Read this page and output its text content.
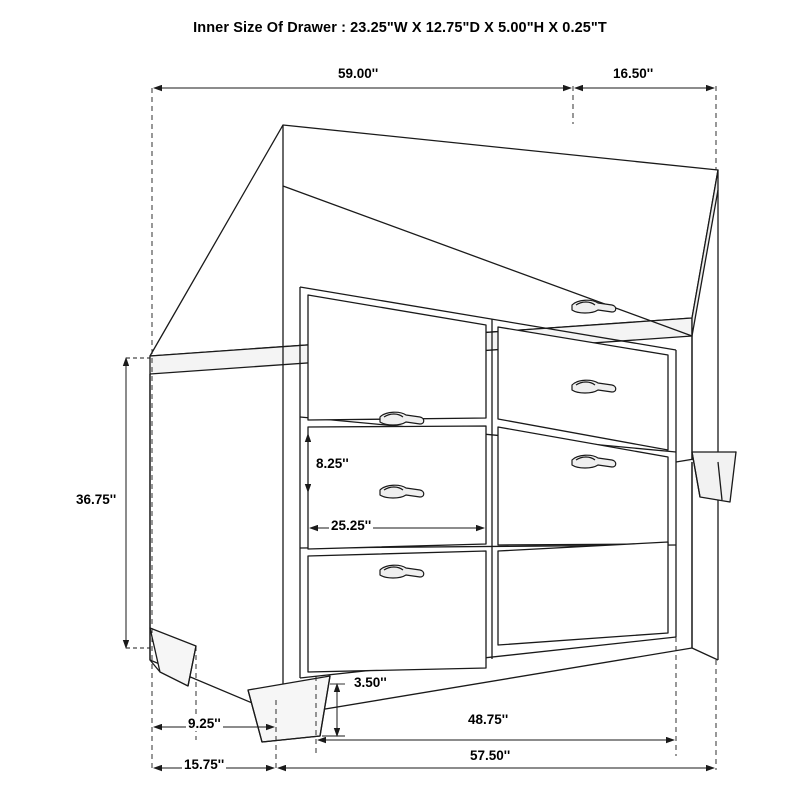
Inner Size Of Drawer : 23.25"W X 12.75"D X 5.00"H X 0.25"T
59.00''	16.50''
36.75''
8.25''
25.25''
3.50''
9.25''
15.75''
48.75''
57.50''
